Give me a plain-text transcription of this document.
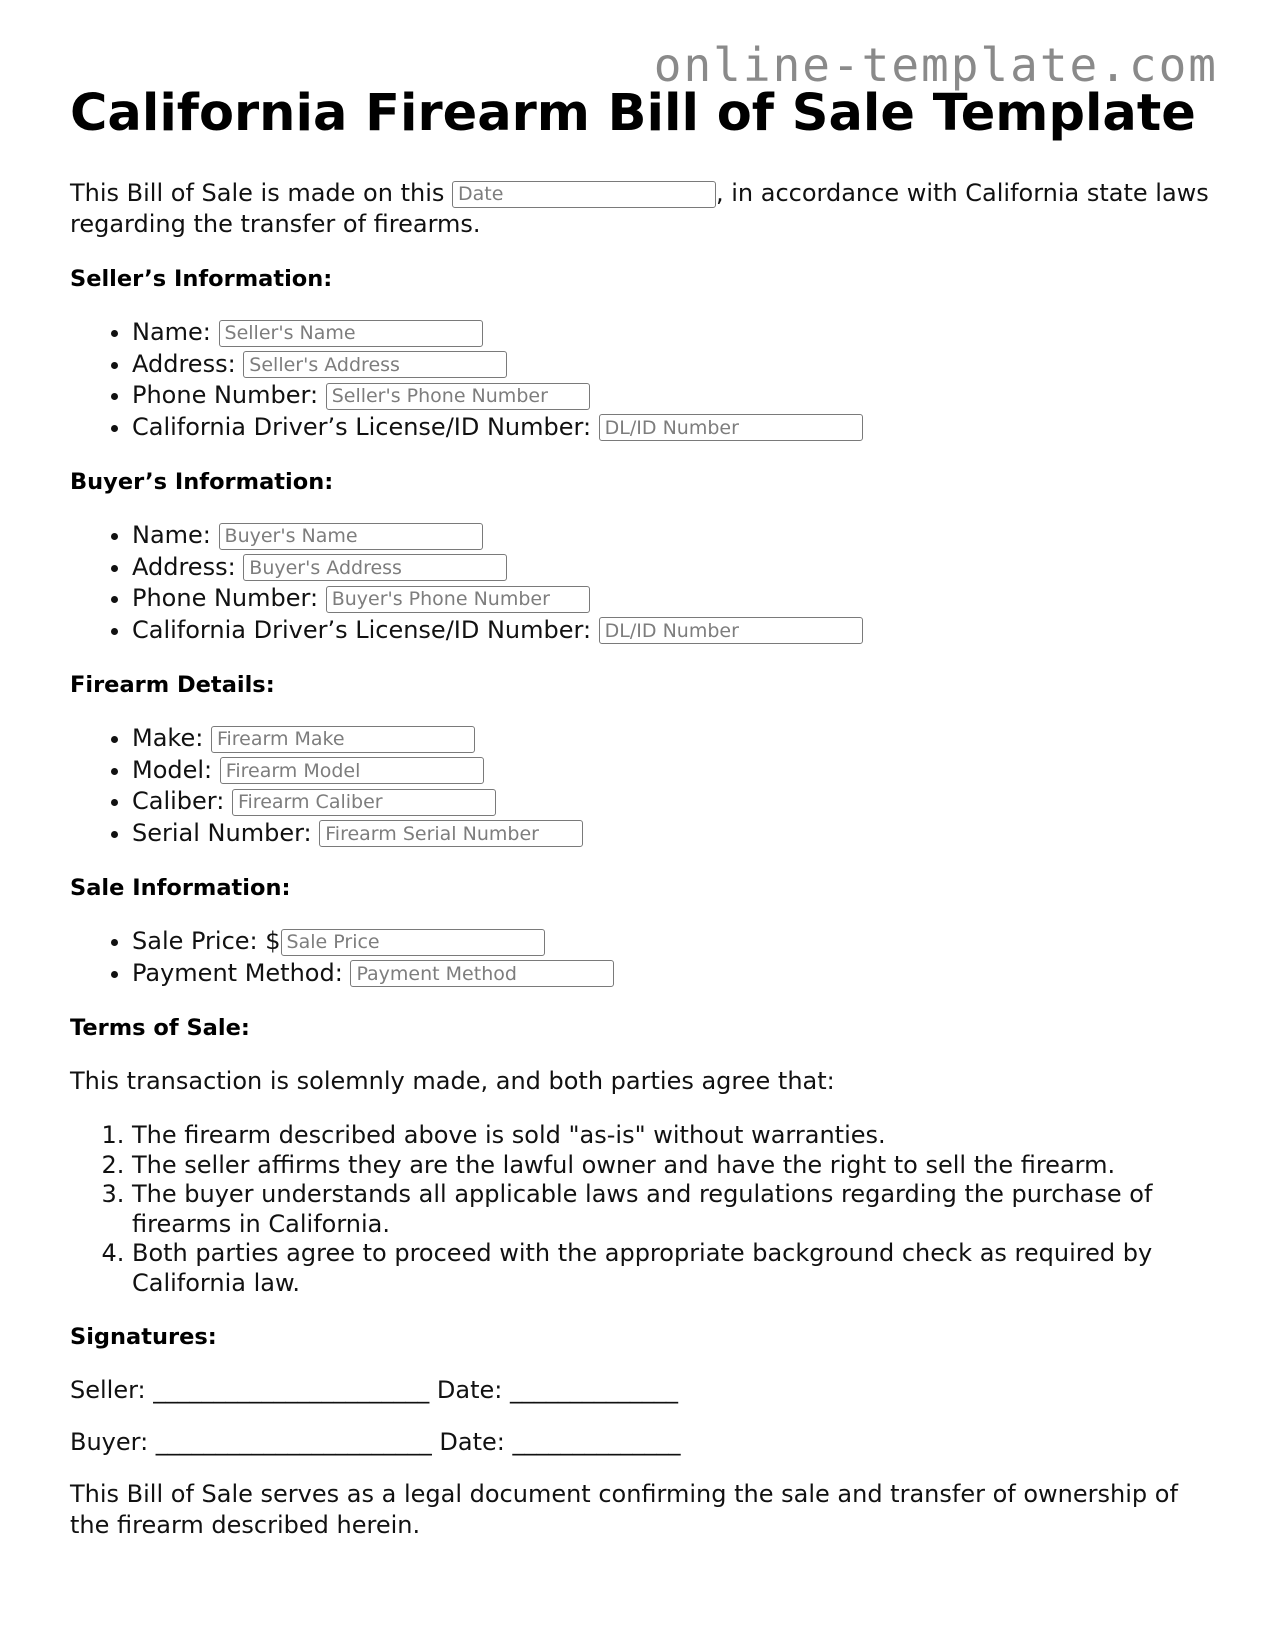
online-template.com
California Firearm Bill of Sale Template

This Bill of Sale is made on this Date	, in accordance with California state laws regarding the transfer of firearms.

Seller’s Information:
• Name: Seller's Name
• Address: Seller's Address
• Phone Number: Seller's Phone Number
• California Driver’s License/ID Number: DL/ID Number
Buyer’s Information:
• Name: Buyer's Name
• Address: Buyer's Address
• Phone Number: Buyer's Phone Number
• California Driver’s License/ID Number: DL/ID Number
Firearm Details:
• Make: Firearm Make
• Model: Firearm Model
• Caliber: Firearm Caliber
• Serial Number: Firearm Serial Number
Sale Information:
• Sale Price: $Sale Price
• Payment Method: Payment Method
Terms of Sale:

This transaction is solemnly made, and both parties agree that:

1. The firearm described above is sold "as-is" without warranties.
2. The seller affirms they are the lawful owner and have the right to sell the firearm.
3. The buyer understands all applicable laws and regulations regarding the purchase of firearms in California.
4. Both parties agree to proceed with the appropriate background check as required by California law.
Signatures:

Seller: _______________________ Date: ______________

Buyer: _______________________ Date: ______________

This Bill of Sale serves as a legal document confirming the sale and transfer of ownership of the firearm described herein.
